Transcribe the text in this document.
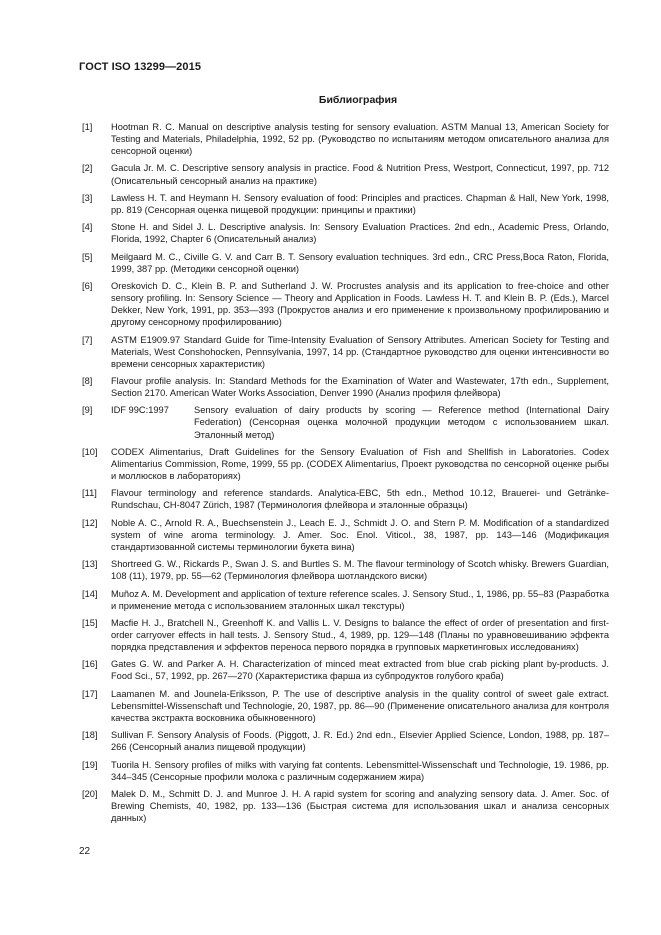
ГОСТ ISO 13299—2015
Библиография
[1]	Hootman R. C. Manual on descriptive analysis testing for sensory evaluation. ASTM Manual 13, American Society for Testing and Materials, Philadelphia, 1992, 52 pp. (Руководство по испытаниям методом описательного анализа для сенсорной оценки)
[2]	Gacula Jr. M. C. Descriptive sensory analysis in practice. Food & Nutrition Press, Westport, Connecticut, 1997, pp. 712 (Описательный сенсорный анализ на практике)
[3]	Lawless H. T. and Heymann H. Sensory evaluation of food: Principles and practices. Chapman & Hall, New York, 1998, pp. 819 (Сенсорная оценка пищевой продукции: принципы и практики)
[4]	Stone H. and Sidel J. L. Descriptive analysis. In: Sensory Evaluation Practices. 2nd edn., Academic Press, Orlando, Florida, 1992, Chapter 6 (Описательный анализ)
[5]	Meilgaard M. C., Civille G. V. and Carr B. T. Sensory evaluation techniques. 3rd edn., CRC Press,Boca Raton, Florida, 1999, 387 pp. (Методики сенсорной оценки)
[6]	Oreskovich D. C., Klein B. P. and Sutherland J. W. Procrustes analysis and its application to free-choice and other sensory profiling. In: Sensory Science — Theory and Application in Foods. Lawless H. T. and Klein B. P. (Eds.), Marcel Dekker, New York, 1991, pp. 353—393 (Прокрустов анализ и его применение к произвольному профилированию и другому сенсорному профилированию)
[7]	ASTM E1909.97 Standard Guide for Time-Intensity Evaluation of Sensory Attributes. American Society for Testing and Materials, West Conshohocken, Pennsylvania, 1997, 14 pp. (Стандартное руководство для оценки интенсивности во времени сенсорных характеристик)
[8]	Flavour profile analysis. In: Standard Methods for the Examination of Water and Wastewater, 17th edn., Supplement, Section 2170. American Water Works Association, Denver 1990 (Анализ профиля флейвора)
[9]	IDF 99C:1997	Sensory evaluation of dairy products by scoring — Reference method (International Dairy Federation) (Сенсорная оценка молочной продукции методом с использованием шкал. Эталонный метод)
[10]	CODEX Alimentarius, Draft Guidelines for the Sensory Evaluation of Fish and Shellfish in Laboratories. Codex Alimentarius Commission, Rome, 1999, 55 pp. (CODEX Alimentarius, Проект руководства по сенсорной оценке рыбы и моллюсков в лабораториях)
[11]	Flavour terminology and reference standards. Analytica-EBC, 5th edn., Method 10.12, Brauerei- und Getränke-Rundschau, CH-8047 Zürich, 1987 (Терминология флейвора и эталонные образцы)
[12]	Noble A. C., Arnold R. A., Buechsenstein J., Leach E. J., Schmidt J. O. and Stern P. M. Modification of a standardized system of wine aroma terminology. J. Amer. Soc. Enol. Viticol., 38, 1987, pp. 143—146 (Модификация стандартизованной системы терминологии букета вина)
[13]	Shortreed G. W., Rickards P., Swan J. S. and Burtles S. M. The flavour terminology of Scotch whisky. Brewers Guardian, 108 (11), 1979, pp. 55—62 (Терминология флейвора шотландского виски)
[14]	Muñoz A. M. Development and application of texture reference scales. J. Sensory Stud., 1, 1986, pp. 55–83 (Разработка и применение метода с использованием эталонных шкал текстуры)
[15]	Macfie H. J., Bratchell N., Greenhoff K. and Vallis L. V. Designs to balance the effect of order of presentation and first-order carryover effects in hall tests. J. Sensory Stud., 4, 1989, pp. 129—148 (Планы по уравновешиванию эффекта порядка представления и эффектов переноса первого порядка в групповых маркетинговых исследованиях)
[16]	Gates G. W. and Parker A. H. Characterization of minced meat extracted from blue crab picking plant by-products. J. Food Sci., 57, 1992, pp. 267—270 (Характеристика фарша из субпродуктов голубого краба)
[17]	Laamanen M. and Jounela-Eriksson, P. The use of descriptive analysis in the quality control of sweet gale extract. Lebensmittel-Wissenschaft und Technologie, 20, 1987, pp. 86—90 (Применение описательного анализа для контроля качества экстракта восковника обыкновенного)
[18]	Sullivan F. Sensory Analysis of Foods. (Piggott, J. R. Ed.) 2nd edn., Elsevier Applied Science, London, 1988, pp. 187–266 (Сенсорный анализ пищевой продукции)
[19]	Tuorila H. Sensory profiles of milks with varying fat contents. Lebensmittel-Wissenschaft und Technologie, 19. 1986, pp. 344–345 (Сенсорные профили молока с различным содержанием жира)
[20]	Malek D. M., Schmitt D. J. and Munroe J. H. A rapid system for scoring and analyzing sensory data. J. Amer. Soc. of Brewing Chemists, 40, 1982, pp. 133—136 (Быстрая система для использования шкал и анализа сенсорных данных)
22
